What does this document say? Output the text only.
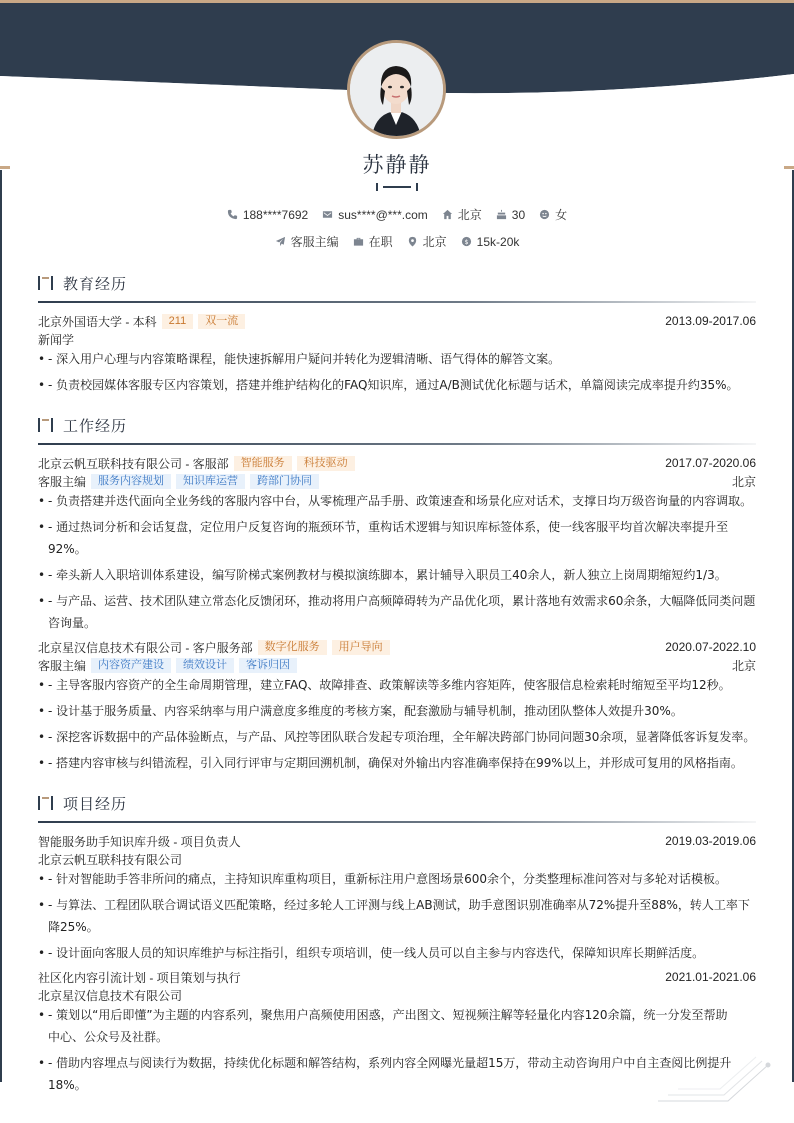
苏静静
188****7692	sus****@***.com	北京	30	女
客服主编	在职	北京 $ 15k-20k
教育经历
北京外国语大学 - 本科	211	双一流	2013.09-2017.06
新闻学
• - 深入用户心理与内容策略课程，能快速拆解用户疑问并转化为逻辑清晰、语气得体的解答文案。
• - 负责校园媒体客服专区内容策划，搭建并维护结构化的FAQ知识库，通过A/B测试优化标题与话术，单篇阅读完成率提升约35%。
工作经历
北京云帆互联科技有限公司 - 客服部	智能服务	科技驱动	2017.07-2020.06
客服主编	服务内容规划	知识库运营	跨部门协同	北京
• - 负责搭建并迭代面向全业务线的客服内容中台，从零梳理产品手册、政策速查和场景化应对话术，支撑日均万级咨询量的内容调取。
• - 通过热词分析和会话复盘，定位用户反复咨询的瓶颈环节，重构话术逻辑与知识库标签体系，使一线客服平均首次解决率提升至92%。
• - 牵头新人入职培训体系建设，编写阶梯式案例教材与模拟演练脚本，累计辅导入职员工40余人，新人独立上岗周期缩短约1/3。
• - 与产品、运营、技术团队建立常态化反馈闭环，推动将用户高频障碍转为产品优化项，累计落地有效需求60余条，大幅降低同类问题咨询量。
北京星汉信息技术有限公司 - 客户服务部	数字化服务	用户导向	2020.07-2022.10
客服主编	内容资产建设	绩效设计	客诉归因	北京
• - 主导客服内容资产的全生命周期管理，建立FAQ、故障排查、政策解读等多维内容矩阵，使客服信息检索耗时缩短至平均12秒。
• - 设计基于服务质量、内容采纳率与用户满意度多维度的考核方案，配套激励与辅导机制，推动团队整体人效提升30%。
• - 深挖客诉数据中的产品体验断点，与产品、风控等团队联合发起专项治理，全年解决跨部门协同问题30余项，显著降低客诉复发率。
• - 搭建内容审核与纠错流程，引入同行评审与定期回溯机制，确保对外输出内容准确率保持在99%以上，并形成可复用的风格指南。
项目经历
智能服务助手知识库升级 - 项目负责人	2019.03-2019.06
北京云帆互联科技有限公司
• - 针对智能助手答非所问的痛点，主持知识库重构项目，重新标注用户意图场景600余个，分类整理标准问答对与多轮对话模板。
• - 与算法、工程团队联合调试语义匹配策略，经过多轮人工评测与线上AB测试，助手意图识别准确率从72%提升至88%，转人工率下降25%。
• - 设计面向客服人员的知识库维护与标注指引，组织专项培训，使一线人员可以自主参与内容迭代，保障知识库长期鲜活度。
社区化内容引流计划 - 项目策划与执行	2021.01-2021.06
北京星汉信息技术有限公司
• - 策划以“用后即懂”为主题的内容系列，聚焦用户高频使用困惑，产出图文、短视频注解等轻量化内容120余篇，统一分发至帮助中心、公众号及社群。
• - 借助内容埋点与阅读行为数据，持续优化标题和解答结构，系列内容全网曝光量超15万，带动主动咨询用户中自主查阅比例提升18%。
